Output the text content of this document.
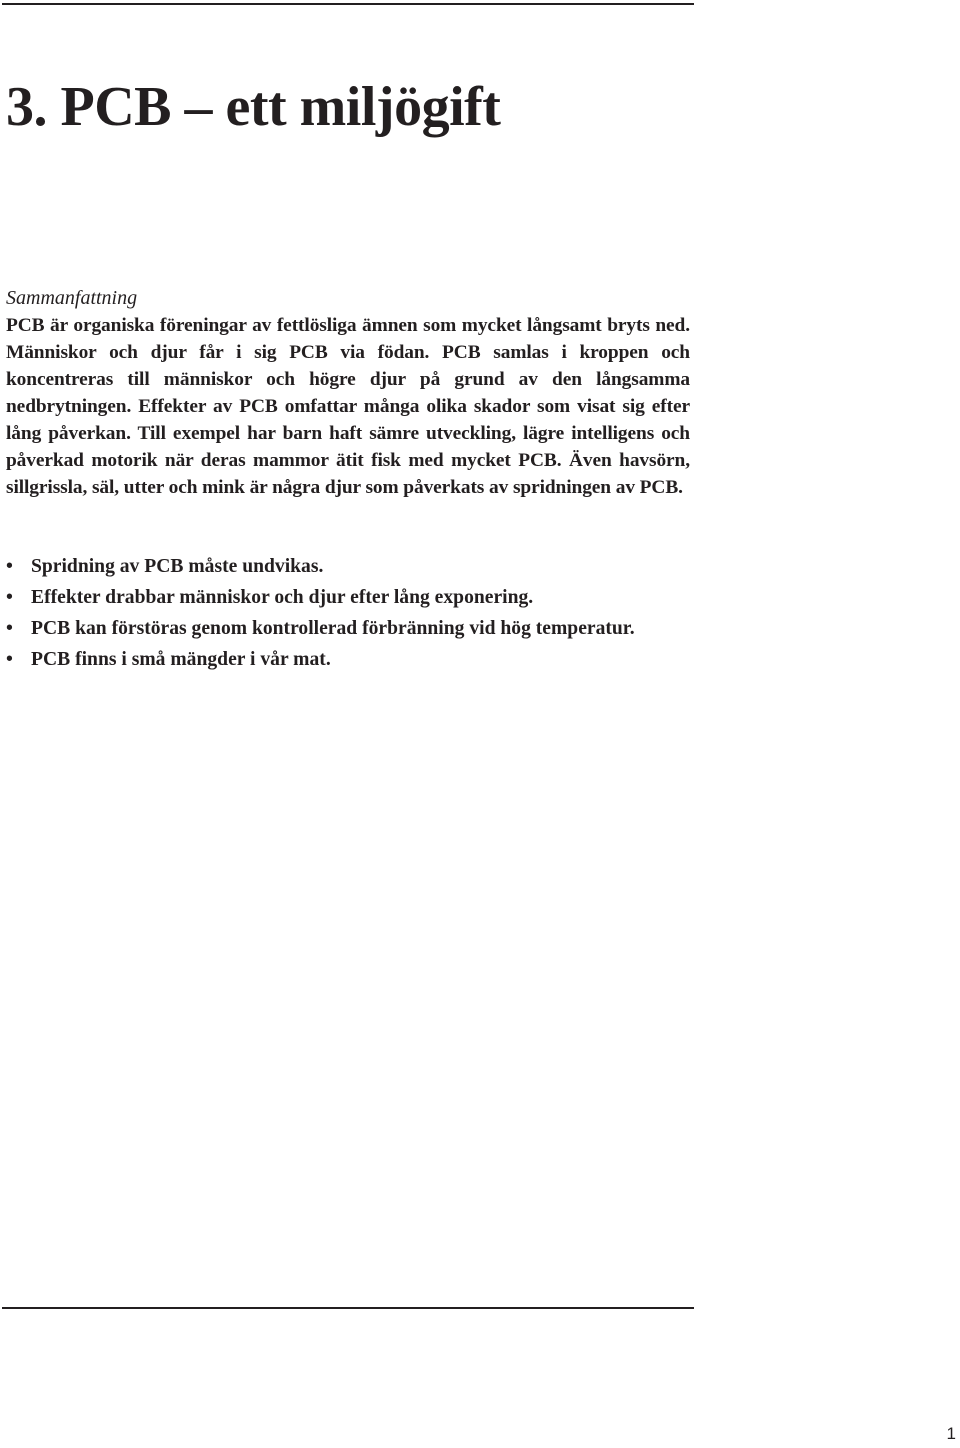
3. PCB – ett miljögift
Sammanfattning

PCB är organiska föreningar av fettlösliga ämnen som mycket långsamt bryts ned. Människor och djur får i sig PCB via födan. PCB samlas i kroppen och koncentreras till människor och högre djur på grund av den långsamma nedbrytningen. Effekter av PCB omfattar många olika skador som visat sig efter lång påverkan. Till exempel har barn haft sämre utveckling, lägre intelligens och påverkad motorik när deras mammor ätit fisk med mycket PCB. Även havsörn, sillgrissla, säl, utter och mink är några djur som påverkats av spridningen av PCB.

• Spridning av PCB måste undvikas.
• Effekter drabbar människor och djur efter lång exponering.
• PCB kan förstöras genom kontrollerad förbränning vid hög temperatur.
• PCB finns i små mängder i vår mat.
1
